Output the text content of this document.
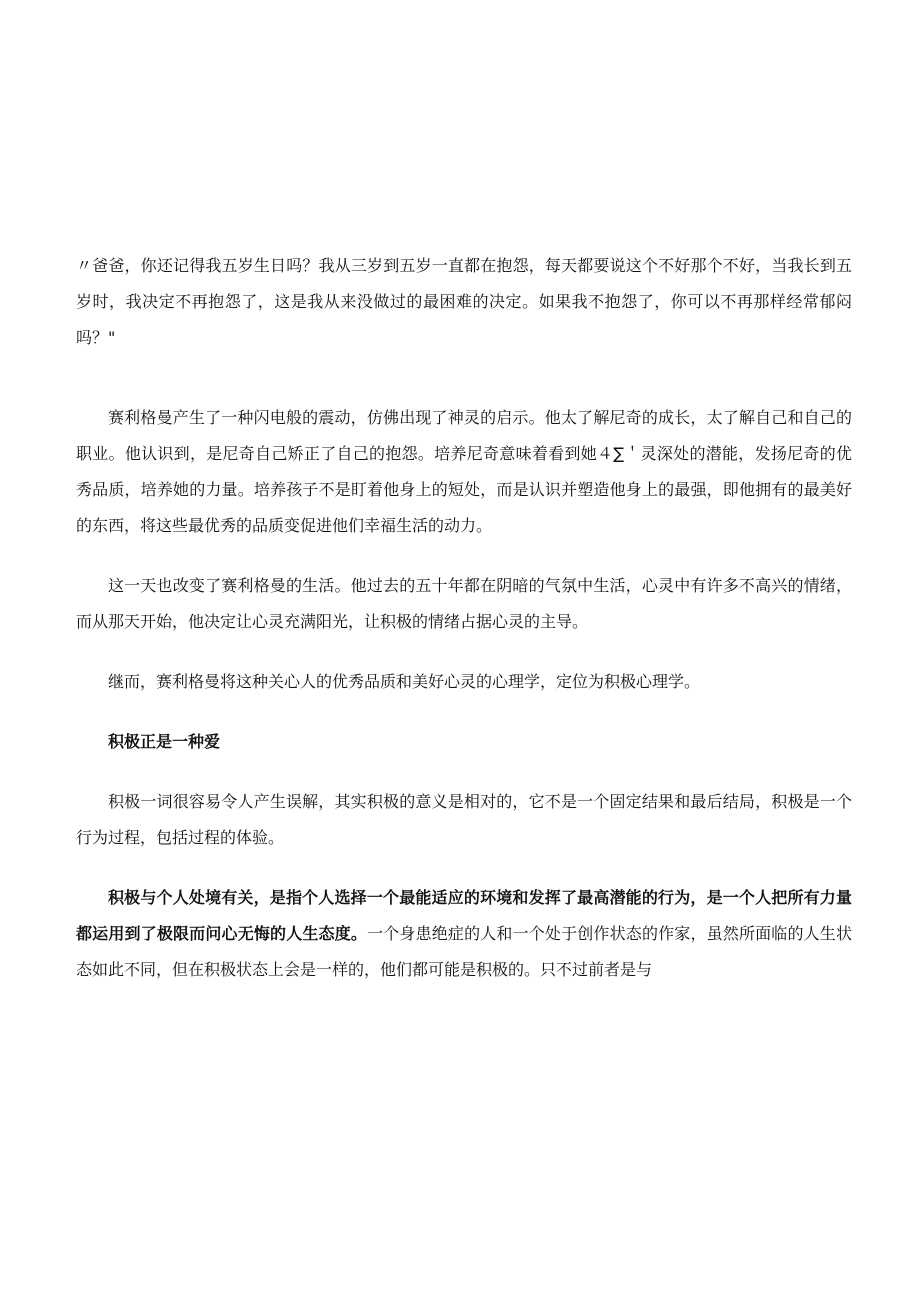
〃爸爸，你还记得我五岁生日吗？我从三岁到五岁一直都在抱怨，每天都要说这个不好那个不好，当我长到五岁时，我决定不再抱怨了，这是我从来没做过的最困难的决定。如果我不抱怨了，你可以不再那样经常郁闷吗？"

赛利格曼产生了一种闪电般的震动，仿佛出现了神灵的启示。他太了解尼奇的成长，太了解自己和自己的职业。他认识到，是尼奇自己矫正了自己的抱怨。培养尼奇意味着看到她４∑＇灵深处的潜能，发扬尼奇的优秀品质，培养她的力量。培养孩子不是盯着他身上的短处，而是认识并塑造他身上的最强，即他拥有的最美好的东西，将这些最优秀的品质变促进他们幸福生活的动力。

这一天也改变了赛利格曼的生活。他过去的五十年都在阴暗的气氛中生活，心灵中有许多不高兴的情绪，而从那天开始，他决定让心灵充满阳光，让积极的情绪占据心灵的主导。

继而，赛利格曼将这种关心人的优秀品质和美好心灵的心理学，定位为积极心理学。

积极正是一种爱

积极一词很容易令人产生误解，其实积极的意义是相对的，它不是一个固定结果和最后结局，积极是一个行为过程，包括过程的体验。

积极与个人处境有关，是指个人选择一个最能适应的环境和发挥了最高潜能的行为，是一个人把所有力量都运用到了极限而问心无悔的人生态度。一个身患绝症的人和一个处于创作状态的作家，虽然所面临的人生状态如此不同，但在积极状态上会是一样的，他们都可能是积极的。只不过前者是与
